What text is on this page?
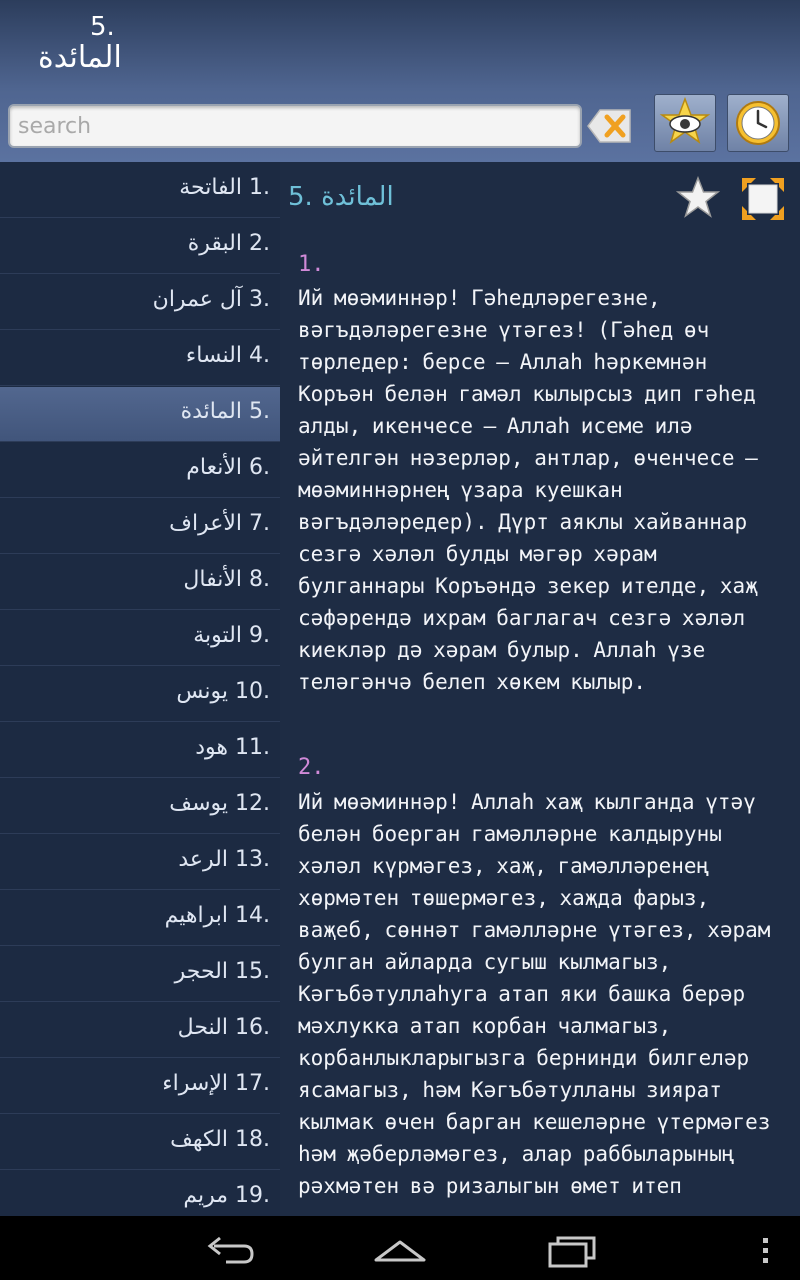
5.
المائدة
search
الفاتحة 1.
البقرة 2.
آل عمران 3.
النساء 4.
المائدة 5.
الأنعام 6.
الأعراف 7.
الأنفال 8.
التوبة 9.
يونس 10.
هود 11.
يوسف 12.
الرعد 13.
ابراهيم 14.
الحجر 15.
النحل 16.
الإسراء 17.
الكهف 18.
مريم 19.
5. المائدة
1.

Ий мөәминнәр! Гәһедләрегезне, вәгъдәләрегезне үтәгез! (Гәһед өч төрледер: берсе — Аллаһ һәркемнән Коръән белән гамәл кылырсыз дип гәһед алды, икенчесе — Аллаһ исеме илә әйтелгән нәзерләр, антлар, өченчесе — мөәминнәрнең үзара куешкан вәгъдәләредер). Дүрт аяклы хайваннар сезгә хәләл булды мәгәр хәрам булганнары Коръәндә зекер ителде, хаҗ сәфәрендә ихрам баглагач сезгә хәләл киекләр дә хәрам булыр. Аллаһ үзе теләгәнчә белеп хөкем кылыр.

2.

Ий мөәминнәр! Аллаһ хаҗ кылганда үтәү белән боерган гамәлләрне калдыруны хәләл күрмәгез, хаҗ, гамәлләренең хөрмәтен төшермәгез, хаҗда фарыз, ваҗеб, сөннәт гамәлләрне үтәгез, хәрам булган айларда сугыш кылмагыз, Кәгъбәтуллаһуга атап яки башка берәр мәхлукка атап корбан чалмагыз, корбанлыкларыгызга бернинди билгеләр ясамагыз, һәм Кәгъбәтулланы зиярат кылмак өчен барган кешеләрне үтермәгез һәм җәберләмәгез, алар раббыларының рәхмәтен вә ризалыгын өмет итеп
